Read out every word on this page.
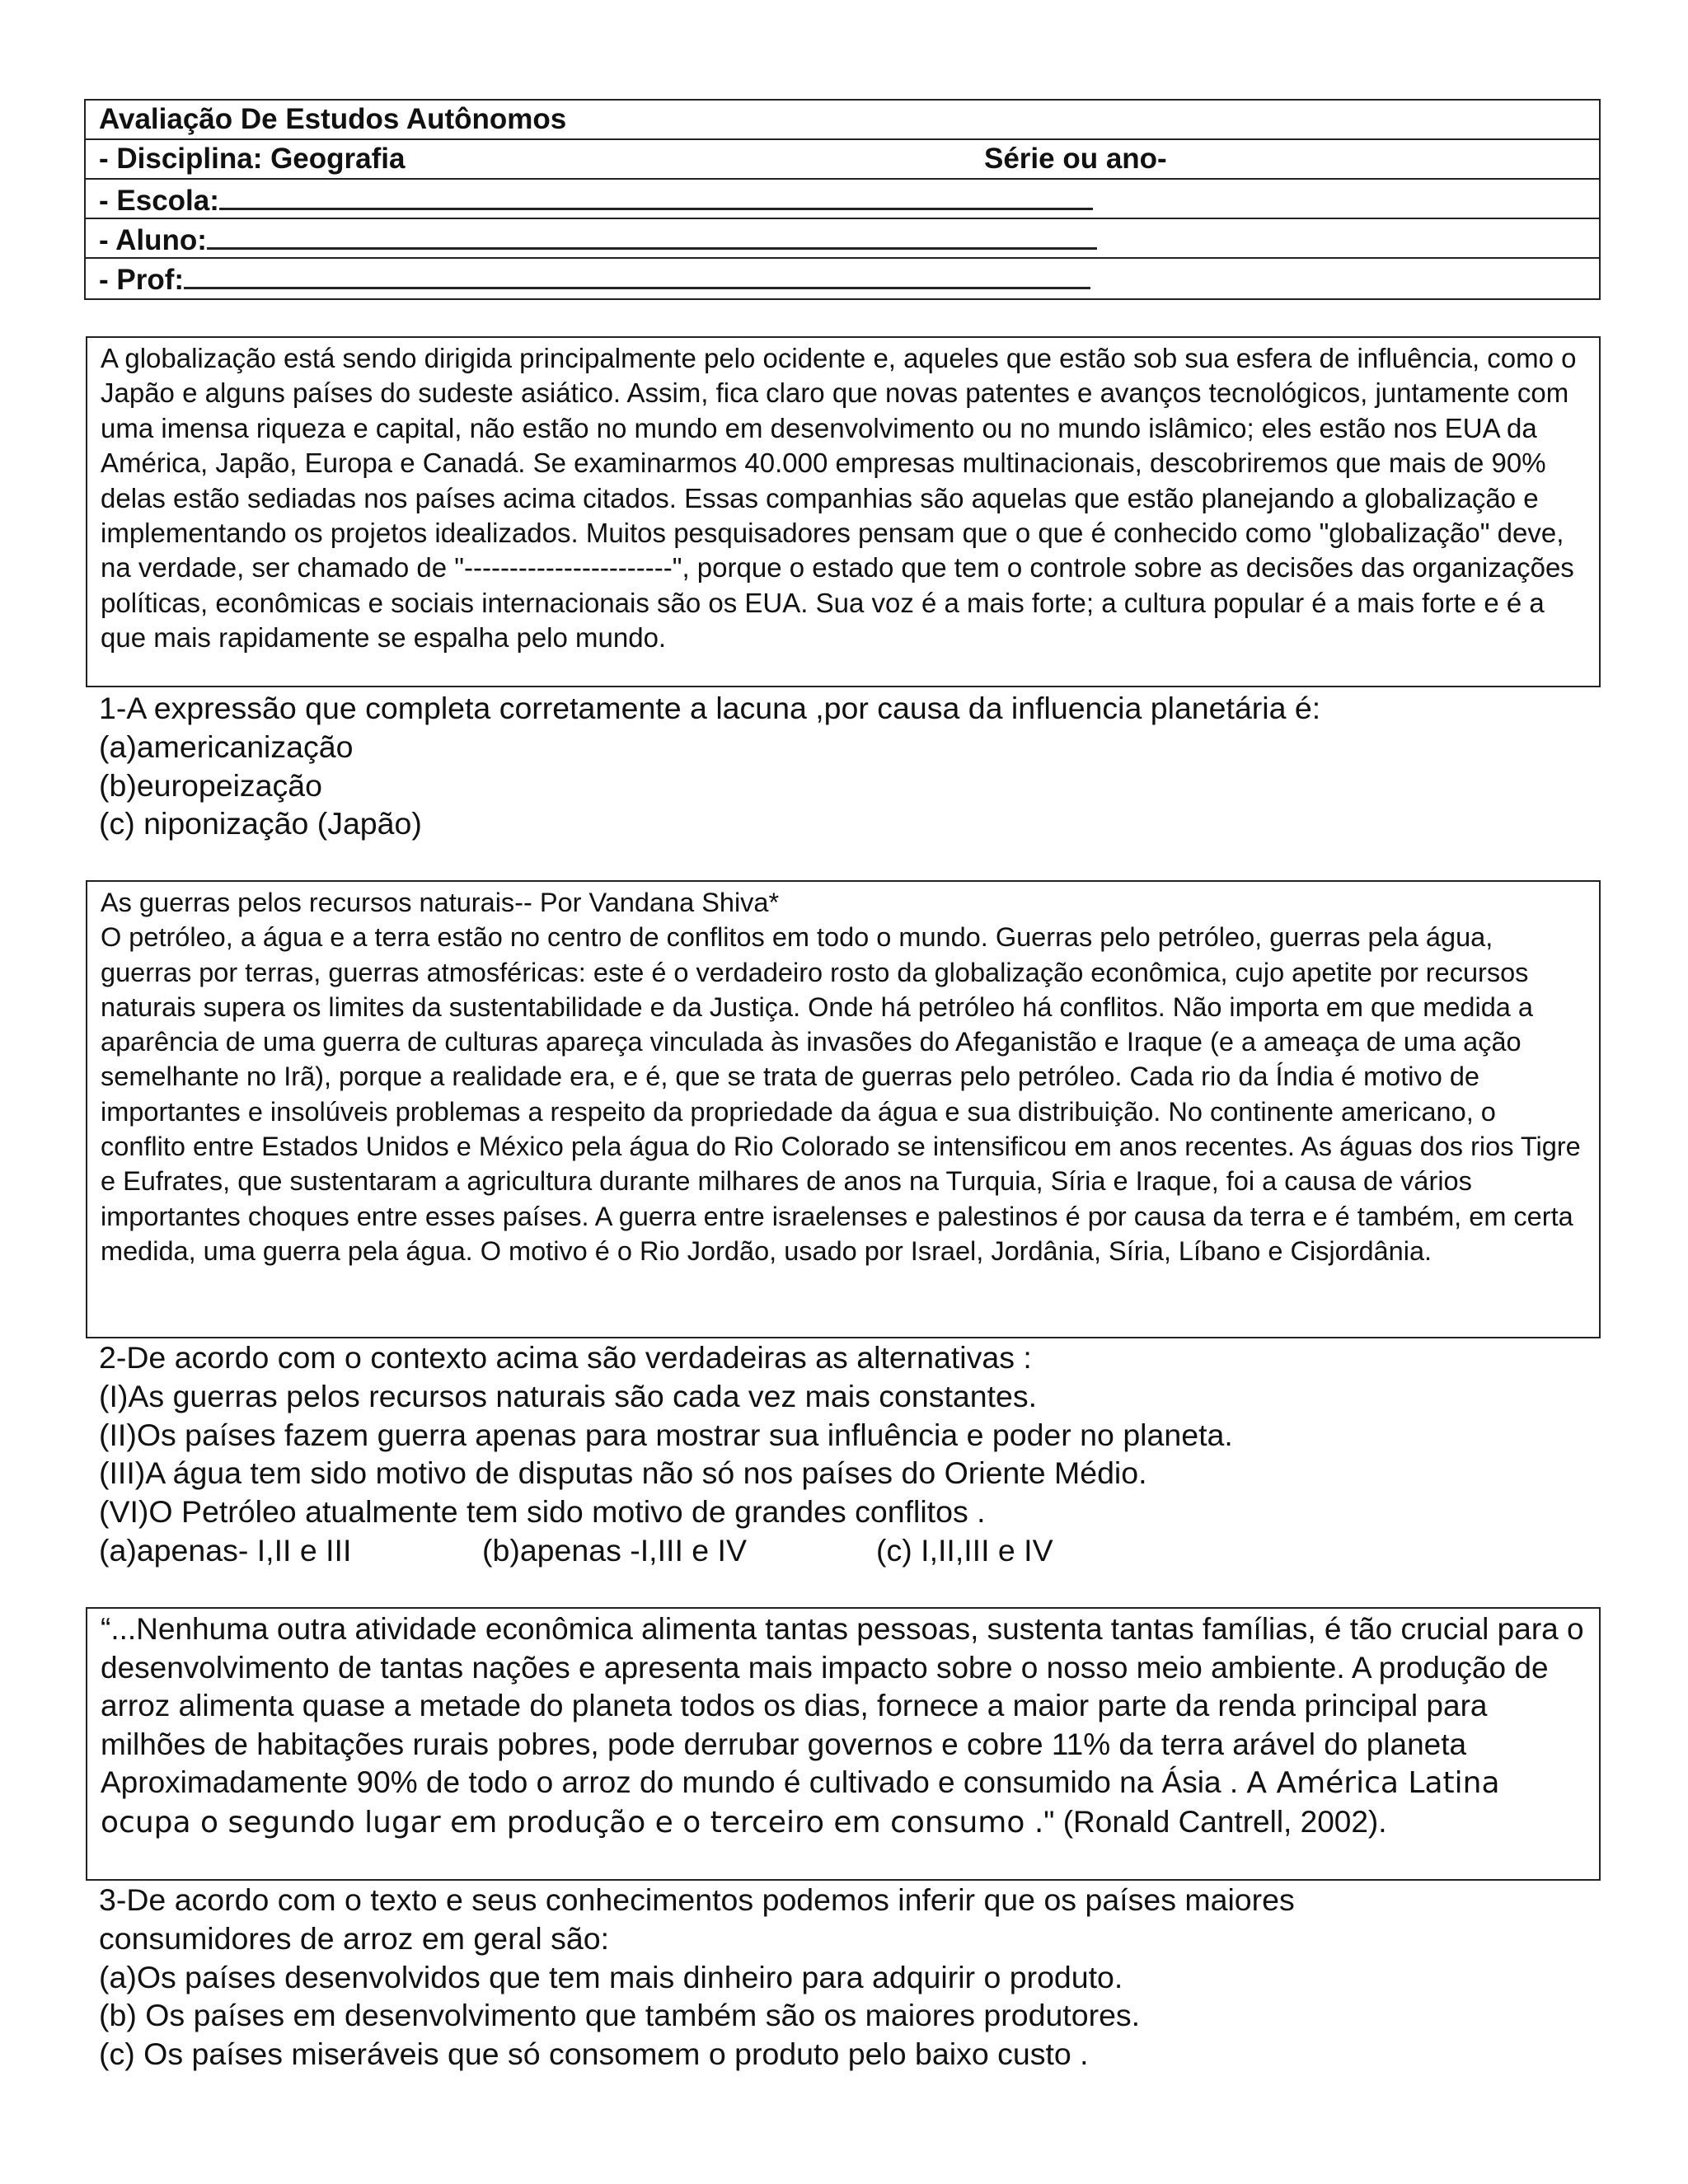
Avaliação De Estudos Autônomos
- Disciplina: Geografia	Série ou ano-
- Escola:
- Aluno:
- Prof:

A globalização está sendo dirigida principalmente pelo ocidente e, aqueles que estão sob sua esfera de influência, como o Japão e alguns países do sudeste asiático. Assim, fica claro que novas patentes e avanços tecnológicos, juntamente com uma imensa riqueza e capital, não estão no mundo em desenvolvimento ou no mundo islâmico; eles estão nos EUA da América, Japão, Europa e Canadá. Se examinarmos 40.000 empresas multinacionais, descobriremos que mais de 90% delas estão sediadas nos países acima citados. Essas companhias são aquelas que estão planejando a globalização e implementando os projetos idealizados. Muitos pesquisadores pensam que o que é conhecido como "globalização" deve, na verdade, ser chamado de "-----------------------", porque o estado que tem o controle sobre as decisões das organizações políticas, econômicas e sociais internacionais são os EUA. Sua voz é a mais forte; a cultura popular é a mais forte e é a que mais rapidamente se espalha pelo mundo.

1-A expressão que completa corretamente a lacuna ,por causa da influencia planetária é:
(a)americanização
(b)europeização
(c) niponização (Japão)

As guerras pelos recursos naturais-- Por Vandana Shiva*

O petróleo, a água e a terra estão no centro de conflitos em todo o mundo. Guerras pelo petróleo, guerras pela água, guerras por terras, guerras atmosféricas: este é o verdadeiro rosto da globalização econômica, cujo apetite por recursos naturais supera os limites da sustentabilidade e da Justiça. Onde há petróleo há conflitos. Não importa em que medida a aparência de uma guerra de culturas apareça vinculada às invasões do Afeganistão e Iraque (e a ameaça de uma ação semelhante no Irã), porque a realidade era, e é, que se trata de guerras pelo petróleo. Cada rio da Índia é motivo de importantes e insolúveis problemas a respeito da propriedade da água e sua distribuição. No continente americano, o conflito entre Estados Unidos e México pela água do Rio Colorado se intensificou em anos recentes. As águas dos rios Tigre e Eufrates, que sustentaram a agricultura durante milhares de anos na Turquia, Síria e Iraque, foi a causa de vários importantes choques entre esses países. A guerra entre israelenses e palestinos é por causa da terra e é também, em certa medida, uma guerra pela água. O motivo é o Rio Jordão, usado por Israel, Jordânia, Síria, Líbano e Cisjordânia.

2-De acordo com o contexto acima são verdadeiras as alternativas :
(I)As guerras pelos recursos naturais são cada vez mais constantes.
(II)Os países fazem guerra apenas para mostrar sua influência e poder no planeta.
(III)A água tem sido motivo de disputas não só nos países do Oriente Médio.
(VI)O Petróleo atualmente tem sido motivo de grandes conflitos .
(a)apenas- I,II e III	(b)apenas -I,III e IV	(c) I,II,III e IV

“...Nenhuma outra atividade econômica alimenta tantas pessoas, sustenta tantas famílias, é tão crucial para o desenvolvimento de tantas nações e apresenta mais impacto sobre o nosso meio ambiente. A produção de arroz alimenta quase a metade do planeta todos os dias, fornece a maior parte da renda principal para milhões de habitações rurais pobres, pode derrubar governos e cobre 11% da terra arável do planeta Aproximadamente 90% de todo o arroz do mundo é cultivado e consumido na Ásia . A América Latina ocupa o segundo lugar em produção e o terceiro em consumo ." (Ronald Cantrell, 2002).

3-De acordo com o texto e seus conhecimentos podemos inferir que os países maiores
consumidores de arroz em geral são:
(a)Os países desenvolvidos que tem mais dinheiro para adquirir o produto.
(b) Os países em desenvolvimento que também são os maiores produtores.
(c) Os países miseráveis que só consomem o produto pelo baixo custo .
